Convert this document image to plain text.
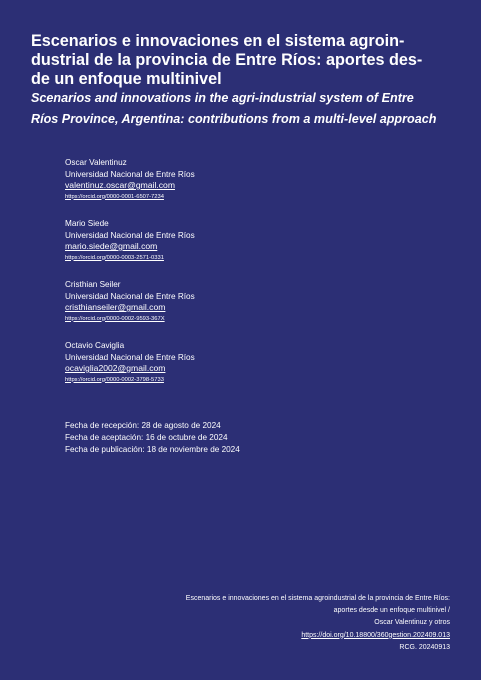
Escenarios e innovaciones en el sistema agroin-
dustrial de la provincia de Entre Ríos: aportes des-
de un enfoque multinivel
Scenarios and innovations in the agri-industrial system of Entre
Ríos Province, Argentina: contributions from a multi-level approach
Oscar Valentinuz
Universidad Nacional de Entre Ríos
valentinuz.oscar@gmail.com
https://orcid.org/0000-0001-6507-7234
Mario Siede
Universidad Nacional de Entre Ríos
mario.siede@gmail.com
https://orcid.org/0000-0003-2571-0331
Cristhian Seiler
Universidad Nacional de Entre Ríos
cristhianseiler@gmail.com
https://orcid.org/0000-0002-9593-367X
Octavio Caviglia
Universidad Nacional de Entre Ríos
ocaviglia2002@gmail.com
https://orcid.org/0000-0002-3798-5733
Fecha de recepción: 28 de agosto de 2024
Fecha de aceptación: 16 de octubre de 2024
Fecha de publicación: 18 de noviembre de 2024
Escenarios e innovaciones en el sistema agroindustrial de la provincia de Entre Ríos:
aportes desde un enfoque multinivel /
Oscar Valentinuz y otros
https://doi.org/10.18800/360gestion.202409.013
RCG. 20240913
